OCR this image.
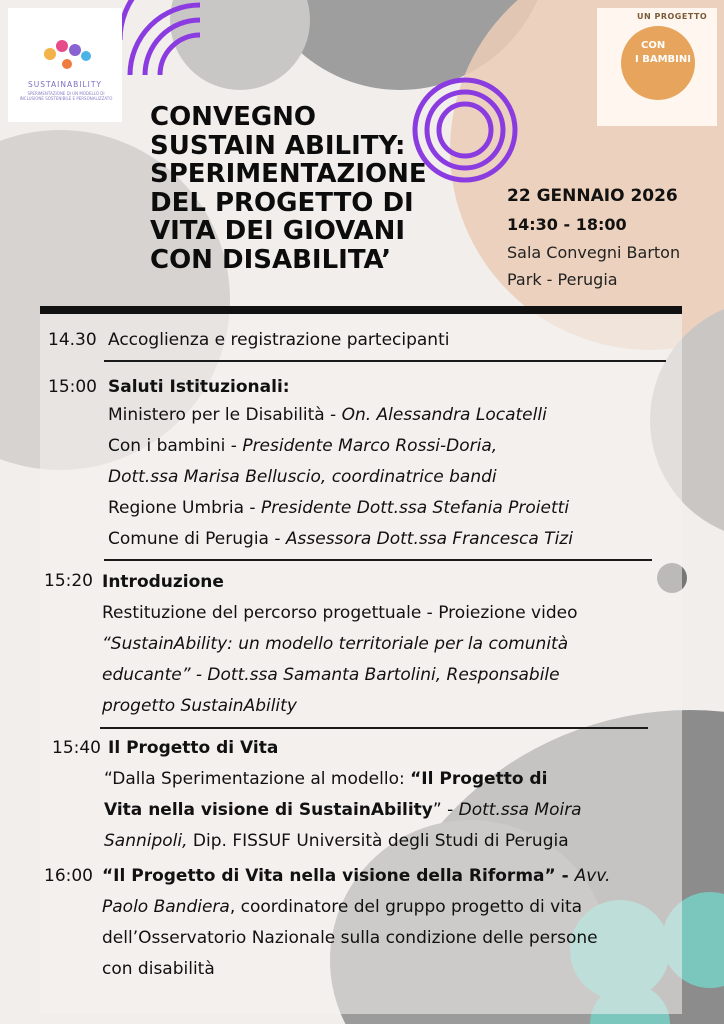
SUSTAINABILITY
SPERIMENTAZIONE DI UN MODELLO DI INCLUSIONE SOSTENIBILE E PERSONALIZZATO
UN PROGETTO
CON
I BAMBINI
CONVEGNO
SUSTAIN ABILITY:
SPERIMENTAZIONE
DEL PROGETTO DI
VITA DEI GIOVANI
CON DISABILITA’
22 GENNAIO 2026
14:30 - 18:00
Sala Convegni Barton
Park - Perugia
14.30 Accoglienza e registrazione partecipanti
15:00 Saluti Istituzionali:
Ministero per le Disabilità - On. Alessandra Locatelli
Con i bambini - Presidente Marco Rossi-Doria,
Dott.ssa Marisa Belluscio, coordinatrice bandi
Regione Umbria - Presidente Dott.ssa Stefania Proietti
Comune di Perugia - Assessora Dott.ssa Francesca Tizi
15:20 Introduzione
Restituzione del percorso progettuale - Proiezione video
“SustainAbility: un modello territoriale per la comunità
educante” - Dott.ssa Samanta Bartolini, Responsabile
progetto SustainAbility
15:40 Il Progetto di Vita
“Dalla Sperimentazione al modello: “Il Progetto di
Vita nella visione di SustainAbility” - Dott.ssa Moira
Sannipoli, Dip. FISSUF Università degli Studi di Perugia
16:00 “Il Progetto di Vita nella visione della Riforma” - Avv.
Paolo Bandiera, coordinatore del gruppo progetto di vita
dell’Osservatorio Nazionale sulla condizione delle persone
con disabilità
